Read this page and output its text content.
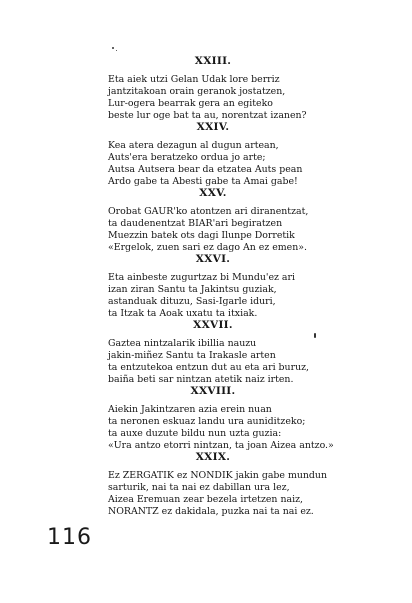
XXIII.
Eta aiek utzi Gelan Udak lore berriz
jantzitakoan orain geranok jostatzen,
Lur-ogera bearrak gera an egiteko
beste lur oge bat ta au, norentzat izanen?
XXIV.
Kea atera dezagun al dugun artean,
Auts'era beratzeko ordua jo arte;
Autsa Autsera bear da etzatea Auts pean
Ardo gabe ta Abesti gabe ta Amai gabe!
XXV.
Orobat GAUR'ko atontzen ari diranentzat,
ta daudenentzat BIAR'ari begiratzen
Muezzin batek ots dagi Ilunpe Dorretik
«Ergelok, zuen sari ez dago An ez emen».
XXVI.
Eta ainbeste zugurtzaz bi Mundu'ez ari
izan ziran Santu ta Jakintsu guziak,
astanduak dituzu, Sasi-Igarle iduri,
ta Itzak ta Aoak uxatu ta itxiak.
XXVII.
Gaztea nintzalarik ibillia nauzu
jakin-miñez Santu ta Irakasle arten
ta entzutekoa entzun dut au eta ari buruz,
baiña beti sar nintzan atetik naiz irten.
XXVIII.
Aiekin Jakintzaren azia erein nuan
ta neronen eskuaz landu ura auniditzeko;
ta auxe duzute bildu nun uzta guzia:
«Ura antzo etorri nintzan, ta joan Aizea antzo.»
XXIX.
Ez ZERGATIK ez NONDIK jakin gabe mundun
sarturik, nai ta nai ez dabillan ura lez,
Aizea Eremuan zear bezela irtetzen naiz,
NORANTZ ez dakidala, puzka nai ta nai ez.
116
